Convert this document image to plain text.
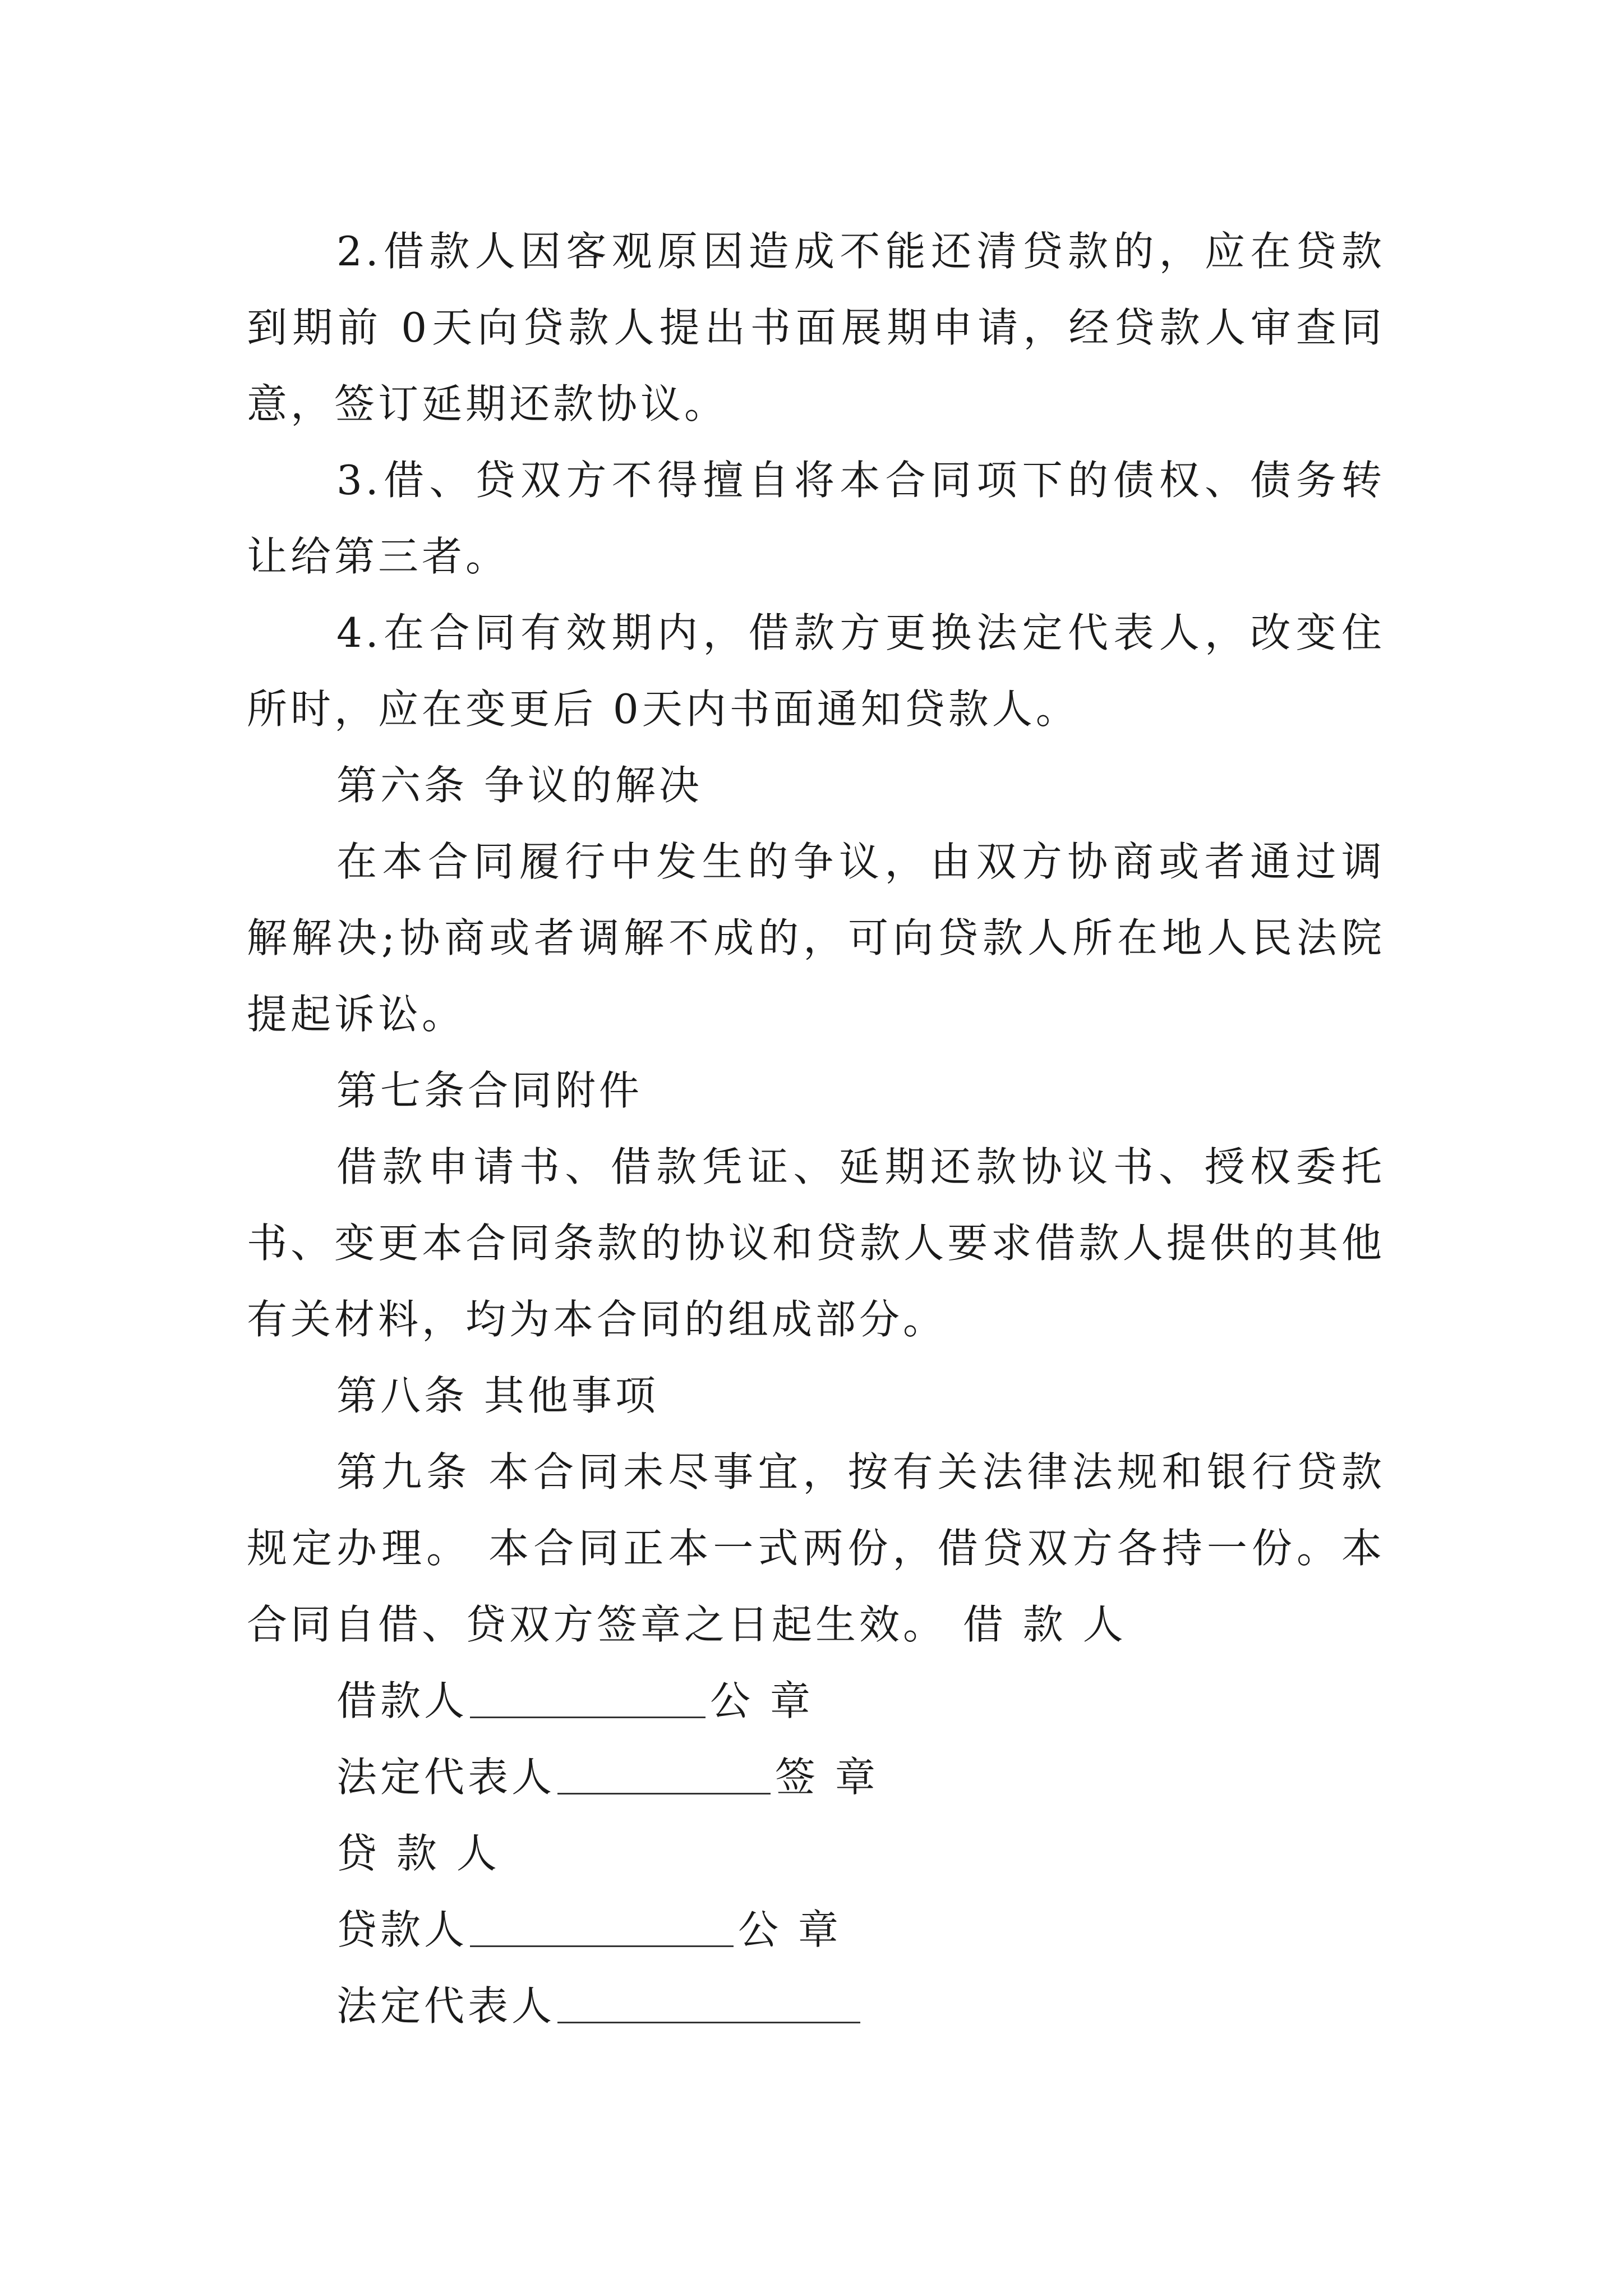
2.借款人因客观原因造成不能还清贷款的，应在贷款到期前 0天向贷款人提出书面展期申请，经贷款人审查同意，签订延期还款协议。

3.借、贷双方不得擅自将本合同项下的债权、债务转让给第三者。

4.在合同有效期内，借款方更换法定代表人，改变住所时，应在变更后 0天内书面通知贷款人。

第六条 争议的解决

在本合同履行中发生的争议，由双方协商或者通过调解解决;协商或者调解不成的，可向贷款人所在地人民法院提起诉讼。

第七条合同附件

借款申请书、借款凭证、延期还款协议书、授权委托书、变更本合同条款的协议和贷款人要求借款人提供的其他有关材料，均为本合同的组成部分。

第八条 其他事项

第九条 本合同未尽事宜，按有关法律法规和银行贷款规定办理。 本合同正本一式两份，借贷双方各持一份。本合同自借、贷双方签章之日起生效。 借 款 人

借款人	公 章

法定代表人	签 章

贷 款 人

贷款人	公 章

法定代表人
